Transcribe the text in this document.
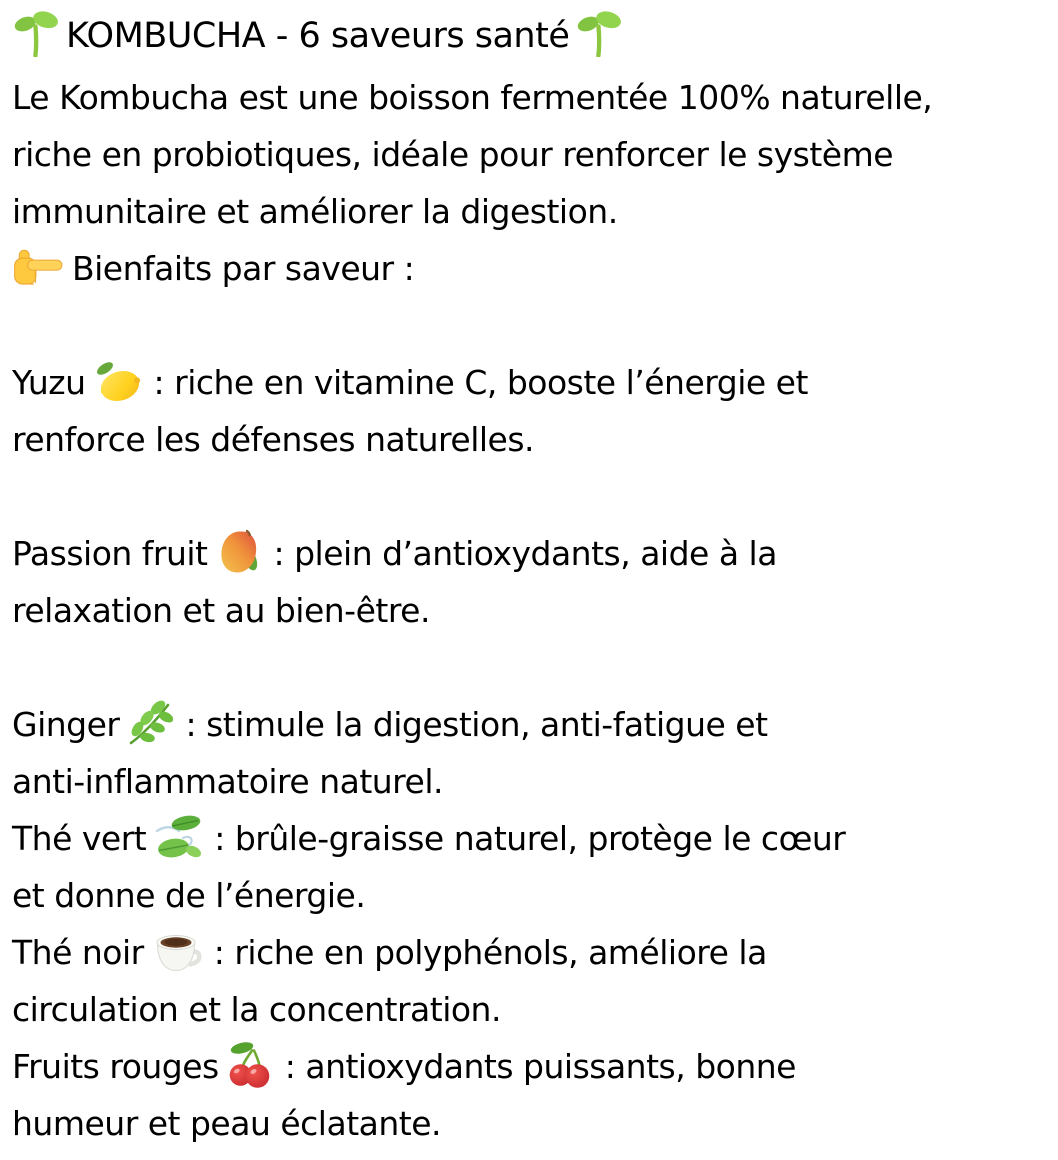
KOMBUCHA - 6 saveurs santé
Le Kombucha est une boisson fermentée 100% naturelle,
riche en probiotiques, idéale pour renforcer le système
immunitaire et améliorer la digestion.
Bienfaits par saveur :
Yuzu : riche en vitamine C, booste l’énergie et
renforce les défenses naturelles.
Passion fruit : plein d’antioxydants, aide à la
relaxation et au bien-être.
Ginger : stimule la digestion, anti-fatigue et
anti-inflammatoire naturel.
Thé vert : brûle-graisse naturel, protège le cœur
et donne de l’énergie.
Thé noir : riche en polyphénols, améliore la
circulation et la concentration.
Fruits rouges : antioxydants puissants, bonne
humeur et peau éclatante.
